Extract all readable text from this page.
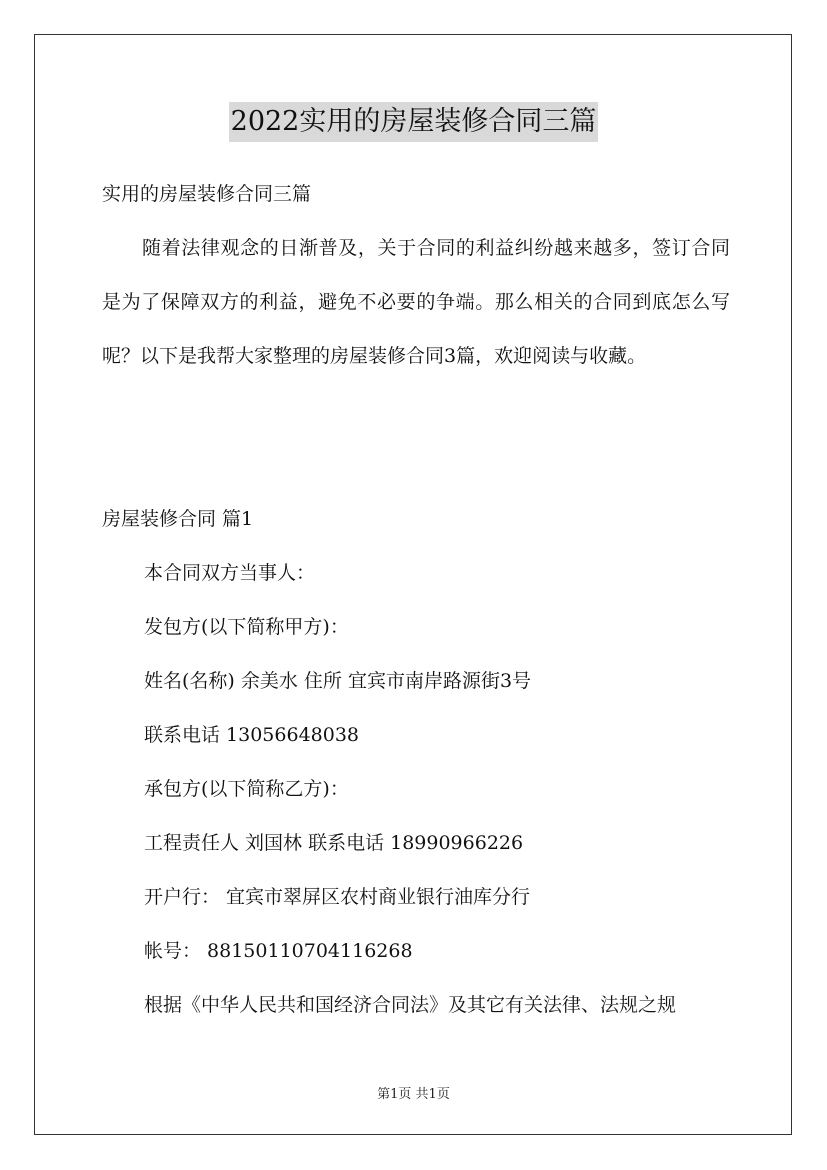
2022实用的房屋装修合同三篇
实用的房屋装修合同三篇
随着法律观念的日渐普及，关于合同的利益纠纷越来越多，签订合同是为了保障双方的利益，避免不必要的争端。那么相关的合同到底怎么写呢？以下是我帮大家整理的房屋装修合同3篇，欢迎阅读与收藏。
房屋装修合同 篇1
本合同双方当事人：
发包方(以下简称甲方)：
姓名(名称) 余美水 住所 宜宾市南岸路源街3号
联系电话 13056648038
承包方(以下简称乙方)：
工程责任人 刘国林 联系电话 18990966226
开户行： 宜宾市翠屏区农村商业银行油库分行
帐号： 88150110704116268
根据《中华人民共和国经济合同法》及其它有关法律、法规之规
第1页 共1页
